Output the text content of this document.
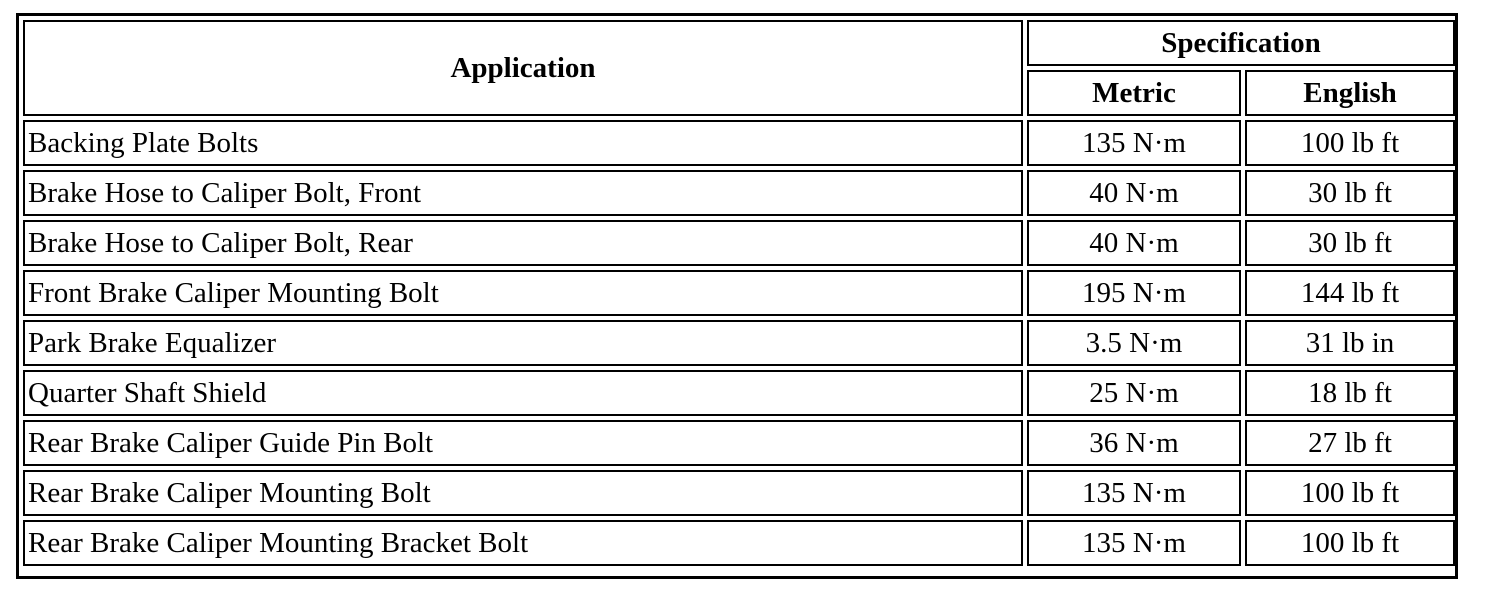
Application	Specification	
	Metric	English
Backing Plate Bolts	135 N·m	100 lb ft
Brake Hose to Caliper Bolt, Front	40 N·m	30 lb ft
Brake Hose to Caliper Bolt, Rear	40 N·m	30 lb ft
Front Brake Caliper Mounting Bolt	195 N·m	144 lb ft
Park Brake Equalizer	3.5 N·m	31 lb in
Quarter Shaft Shield	25 N·m	18 lb ft
Rear Brake Caliper Guide Pin Bolt	36 N·m	27 lb ft
Rear Brake Caliper Mounting Bolt	135 N·m	100 lb ft
Rear Brake Caliper Mounting Bracket Bolt	135 N·m	100 lb ft
